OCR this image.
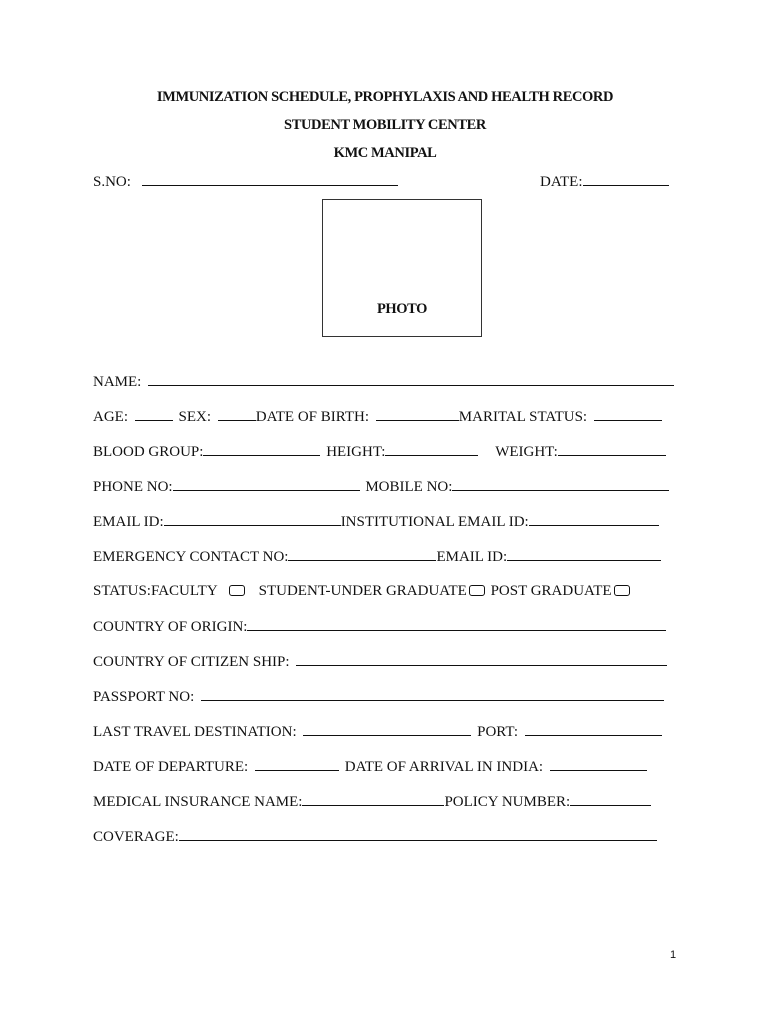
IMMUNIZATION SCHEDULE, PROPHYLAXIS AND HEALTH RECORD
STUDENT MOBILITY CENTER
KMC MANIPAL
S.NO:	DATE:
PHOTO
NAME:
AGE:	SEX:	DATE OF BIRTH:	MARITAL STATUS:
BLOOD GROUP:	HEIGHT:	WEIGHT:
PHONE NO:	MOBILE NO:
EMAIL ID:	INSTITUTIONAL EMAIL ID:
EMERGENCY CONTACT NO:	EMAIL ID:
STATUS:FACULTY	STUDENT-UNDER GRADUATE POST GRADUATE
COUNTRY OF ORIGIN:
COUNTRY OF CITIZEN SHIP:
PASSPORT NO:
LAST TRAVEL DESTINATION:	PORT:
DATE OF DEPARTURE:	DATE OF ARRIVAL IN INDIA:
MEDICAL INSURANCE NAME:	POLICY NUMBER:
COVERAGE:
1
